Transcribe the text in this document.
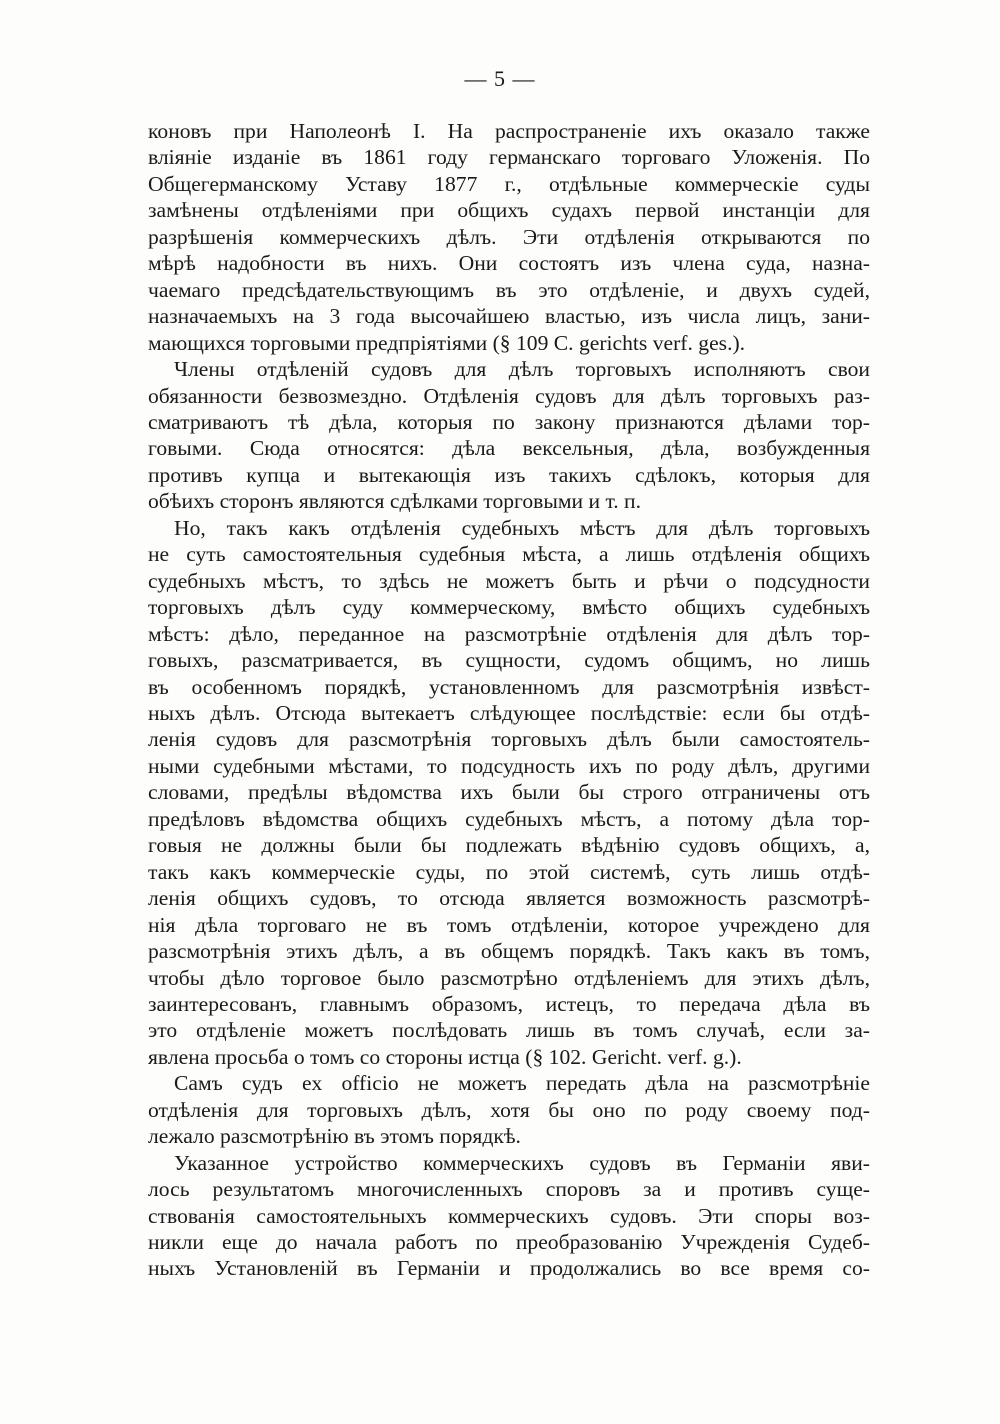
— 5 —
коновъ при Наполеонѣ I. На распространеніе ихъ оказало также
вліяніе изданіе въ 1861 году германскаго торговаго Уложенія. По
Общегерманскому Уставу 1877 г., отдѣльные коммерческіе суды
замѣнены отдѣленіями при общихъ судахъ первой инстанціи для
разрѣшенія коммерческихъ дѣлъ. Эти отдѣленія открываются по
мѣрѣ надобности въ нихъ. Они состоятъ изъ члена суда, назна-
чаемаго предсѣдательствующимъ въ это отдѣленіе, и двухъ судей,
назначаемыхъ на 3 года высочайшею властью, изъ числа лицъ, зани-
мающихся торговыми предпріятіями (§ 109 С. gerichts verf. ges.).
Члены отдѣленій судовъ для дѣлъ торговыхъ исполняютъ свои
обязанности безвозмездно. Отдѣленія судовъ для дѣлъ торговыхъ раз-
сматриваютъ тѣ дѣла, которыя по закону признаются дѣлами тор-
говыми. Сюда относятся: дѣла вексельныя, дѣла, возбужденныя
противъ купца и вытекающія изъ такихъ сдѣлокъ, которыя для
обѣихъ сторонъ являются сдѣлками торговыми и т. п.
Но, такъ какъ отдѣленія судебныхъ мѣстъ для дѣлъ торговыхъ
не суть самостоятельныя судебныя мѣста, а лишь отдѣленія общихъ
судебныхъ мѣстъ, то здѣсь не можетъ быть и рѣчи о подсудности
торговыхъ дѣлъ суду коммерческому, вмѣсто общихъ судебныхъ
мѣстъ: дѣло, переданное на разсмотрѣніе отдѣленія для дѣлъ тор-
говыхъ, разсматривается, въ сущности, судомъ общимъ, но лишь
въ особенномъ порядкѣ, установленномъ для разсмотрѣнія извѣст-
ныхъ дѣлъ. Отсюда вытекаетъ слѣдующее послѣдствіе: если бы отдѣ-
ленія судовъ для разсмотрѣнія торговыхъ дѣлъ были самостоятель-
ными судебными мѣстами, то подсудность ихъ по роду дѣлъ, другими
словами, предѣлы вѣдомства ихъ были бы строго отграничены отъ
предѣловъ вѣдомства общихъ судебныхъ мѣстъ, а потому дѣла тор-
говыя не должны были бы подлежать вѣдѣнію судовъ общихъ, а,
такъ какъ коммерческіе суды, по этой системѣ, суть лишь отдѣ-
ленія общихъ судовъ, то отсюда является возможность разсмотрѣ-
нія дѣла торговаго не въ томъ отдѣленіи, которое учреждено для
разсмотрѣнія этихъ дѣлъ, а въ общемъ порядкѣ. Такъ какъ въ томъ,
чтобы дѣло торговое было разсмотрѣно отдѣленіемъ для этихъ дѣлъ,
заинтересованъ, главнымъ образомъ, истецъ, то передача дѣла въ
это отдѣленіе можетъ послѣдовать лишь въ томъ случаѣ, если за-
явлена просьба о томъ со стороны истца (§ 102. Gericht. verf. g.).
Самъ судъ ex officio не можетъ передать дѣла на разсмотрѣніе
отдѣленія для торговыхъ дѣлъ, хотя бы оно по роду своему под-
лежало разсмотрѣнію въ этомъ порядкѣ.
Указанное устройство коммерческихъ судовъ въ Германіи яви-
лось результатомъ многочисленныхъ споровъ за и противъ суще-
ствованія самостоятельныхъ коммерческихъ судовъ. Эти споры воз-
никли еще до начала работъ по преобразованію Учрежденія Судеб-
ныхъ Установленій въ Германіи и продолжались во все время со-
